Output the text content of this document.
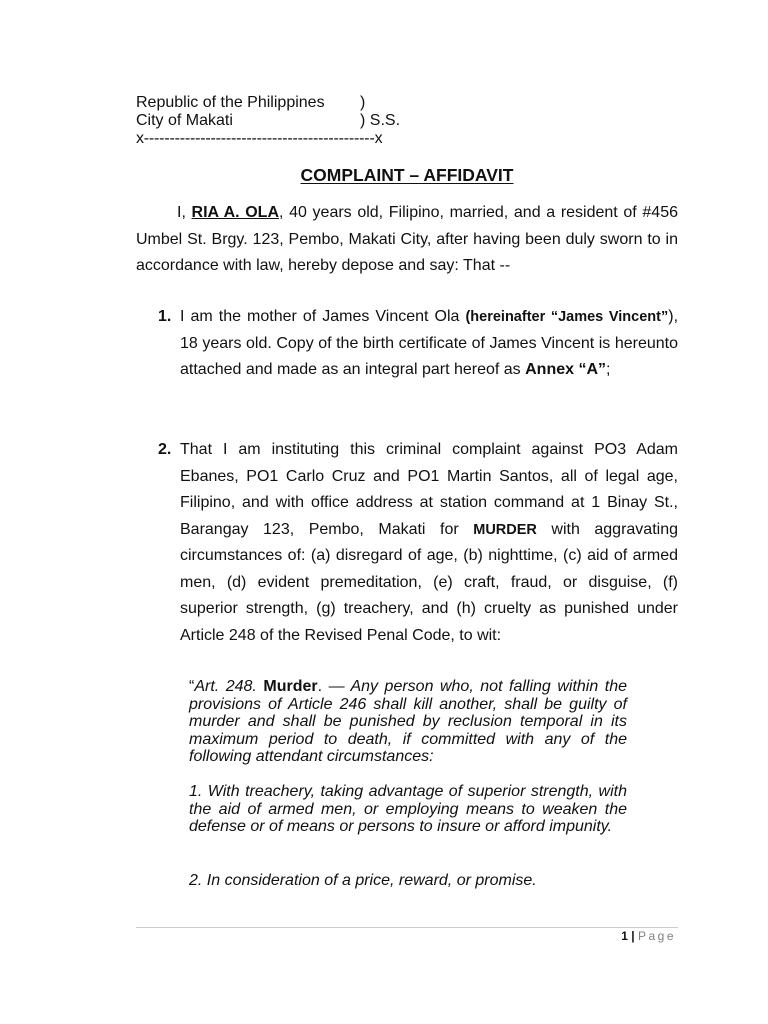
Republic of the Philippines )
City of Makati	) S.S.
x---------------------------------------------x
COMPLAINT – AFFIDAVIT

I, RIA A. OLA, 40 years old, Filipino, married, and a resident of #456 Umbel St. Brgy. 123, Pembo, Makati City, after having been duly sworn to in accordance with law, hereby depose and say: That --

1. I am the mother of James Vincent Ola (hereinafter “James Vincent”), 18 years old. Copy of the birth certificate of James Vincent is hereunto attached and made as an integral part hereof as Annex “A”;

2. That I am instituting this criminal complaint against PO3 Adam Ebanes, PO1 Carlo Cruz and PO1 Martin Santos, all of legal age, Filipino, and with office address at station command at 1 Binay St., Barangay 123, Pembo, Makati for MURDER with aggravating circumstances of: (a) disregard of age, (b) nighttime, (c) aid of armed men, (d) evident premeditation, (e) craft, fraud, or disguise, (f) superior strength, (g) treachery, and (h) cruelty as punished under Article 248 of the Revised Penal Code, to wit:

“Art. 248. Murder. — Any person who, not falling within the provisions of Article 246 shall kill another, shall be guilty of murder and shall be punished by reclusion temporal in its maximum period to death, if committed with any of the following attendant circumstances:

1. With treachery, taking advantage of superior strength, with the aid of armed men, or employing means to weaken the defense or of means or persons to insure or afford impunity.

2. In consideration of a price, reward, or promise.

1 | Page
